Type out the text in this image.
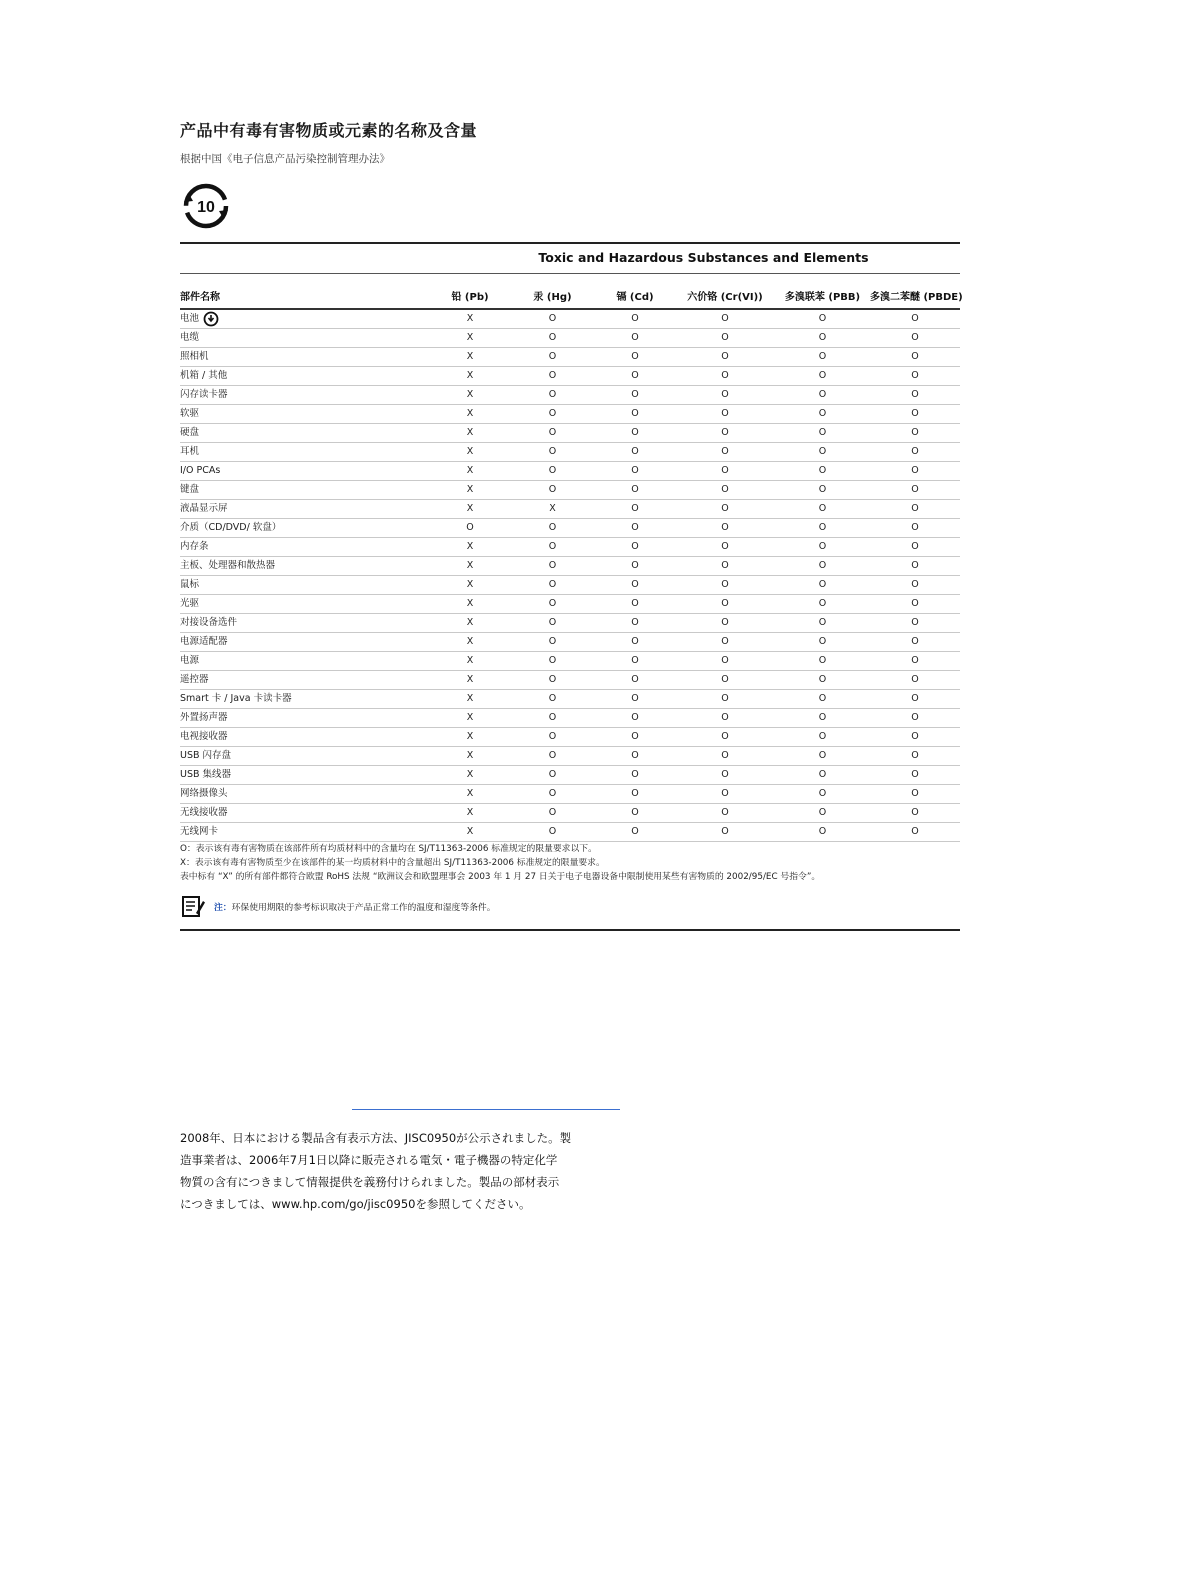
产品中有毒有害物质或元素的名称及含量
根据中国《电子信息产品污染控制管理办法》
10
Toxic and Hazardous Substances and Elements
部件名称	铅 (Pb)	汞 (Hg)	镉 (Cd)	六价铬 (Cr(VI))	多溴联苯 (PBB)	多溴二苯醚 (PBDE)
电池	X	O	O	O	O	O
电缆	X	O	O	O	O	O
照相机	X	O	O	O	O	O
机箱 / 其他	X	O	O	O	O	O
闪存读卡器	X	O	O	O	O	O
软驱	X	O	O	O	O	O
硬盘	X	O	O	O	O	O
耳机	X	O	O	O	O	O
I/O PCAs	X	O	O	O	O	O
键盘	X	O	O	O	O	O
液晶显示屏	X	X	O	O	O	O
介质（CD/DVD/ 软盘）	O	O	O	O	O	O
内存条	X	O	O	O	O	O
主板、处理器和散热器	X	O	O	O	O	O
鼠标	X	O	O	O	O	O
光驱	X	O	O	O	O	O
对接设备选件	X	O	O	O	O	O
电源适配器	X	O	O	O	O	O
电源	X	O	O	O	O	O
遥控器	X	O	O	O	O	O
Smart 卡 / Java 卡读卡器	X	O	O	O	O	O
外置扬声器	X	O	O	O	O	O
电视接收器	X	O	O	O	O	O
USB 闪存盘	X	O	O	O	O	O
USB 集线器	X	O	O	O	O	O
网络摄像头	X	O	O	O	O	O
无线接收器	X	O	O	O	O	O
无线网卡	X	O	O	O	O	O
O：表示该有毒有害物质在该部件所有均质材料中的含量均在 SJ/T11363-2006 标准规定的限量要求以下。
X：表示该有毒有害物质至少在该部件的某一均质材料中的含量超出 SJ/T11363-2006 标准规定的限量要求。
表中标有 “X” 的所有部件都符合欧盟 RoHS 法规 “欧洲议会和欧盟理事会 2003 年 1 月 27 日关于电子电器设备中限制使用某些有害物质的 2002/95/EC 号指令”。
注：环保使用期限的参考标识取决于产品正常工作的温度和湿度等条件。
2008年、日本における製品含有表示方法、JISC0950が公示されました。製
造事業者は、2006年7月1日以降に販売される電気・電子機器の特定化学
物質の含有につきまして情報提供を義務付けられました。製品の部材表示
につきましては、www.hp.com/go/jisc0950を参照してください。
